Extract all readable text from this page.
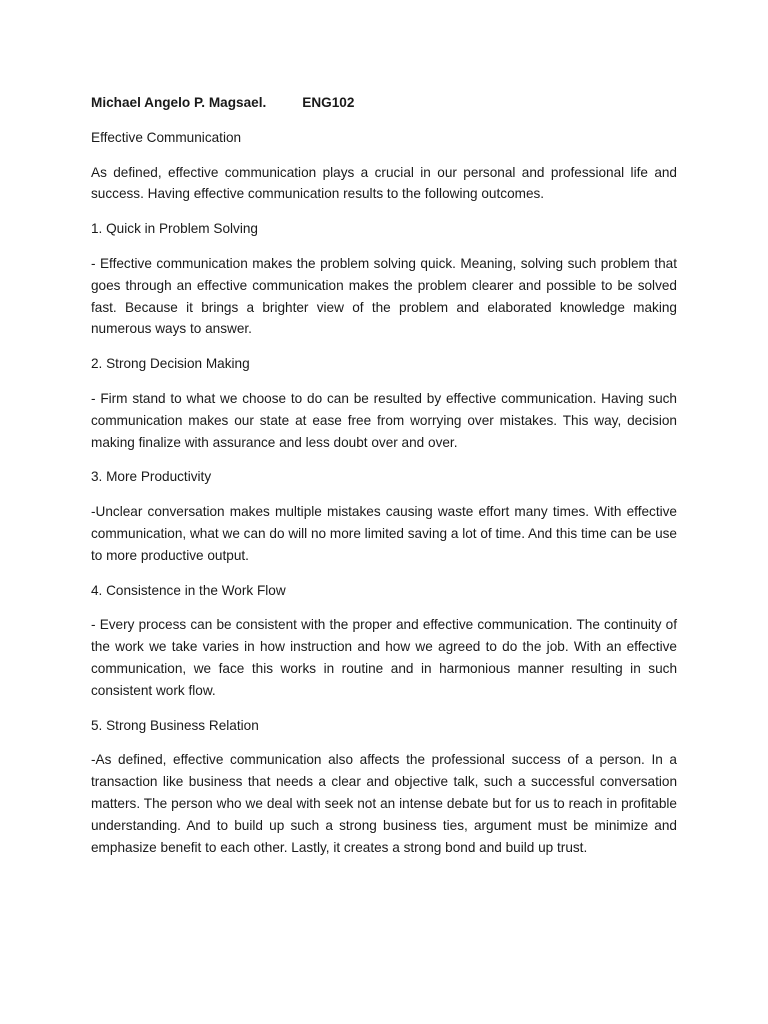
Michael Angelo P. Magsael.	ENG102
Effective Communication
As defined, effective communication plays a crucial in our personal and professional life and success. Having effective communication results to the following outcomes.
1. Quick in Problem Solving
- Effective communication makes the problem solving quick. Meaning, solving such problem that goes through an effective communication makes the problem clearer and possible to be solved fast. Because it brings a brighter view of the problem and elaborated knowledge making numerous ways to answer.
2. Strong Decision Making
- Firm stand to what we choose to do can be resulted by effective communication. Having such communication makes our state at ease free from worrying over mistakes. This way, decision making finalize with assurance and less doubt over and over.
3. More Productivity
-Unclear conversation makes multiple mistakes causing waste effort many times. With effective communication, what we can do will no more limited saving a lot of time. And this time can be use to more productive output.
4. Consistence in the Work Flow
- Every process can be consistent with the proper and effective communication. The continuity of the work we take varies in how instruction and how we agreed to do the job. With an effective communication, we face this works in routine and in harmonious manner resulting in such consistent work flow.
5. Strong Business Relation
-As defined, effective communication also affects the professional success of a person. In a transaction like business that needs a clear and objective talk, such a successful conversation matters. The person who we deal with seek not an intense debate but for us to reach in profitable understanding. And to build up such a strong business ties, argument must be minimize and emphasize benefit to each other. Lastly, it creates a strong bond and build up trust.
